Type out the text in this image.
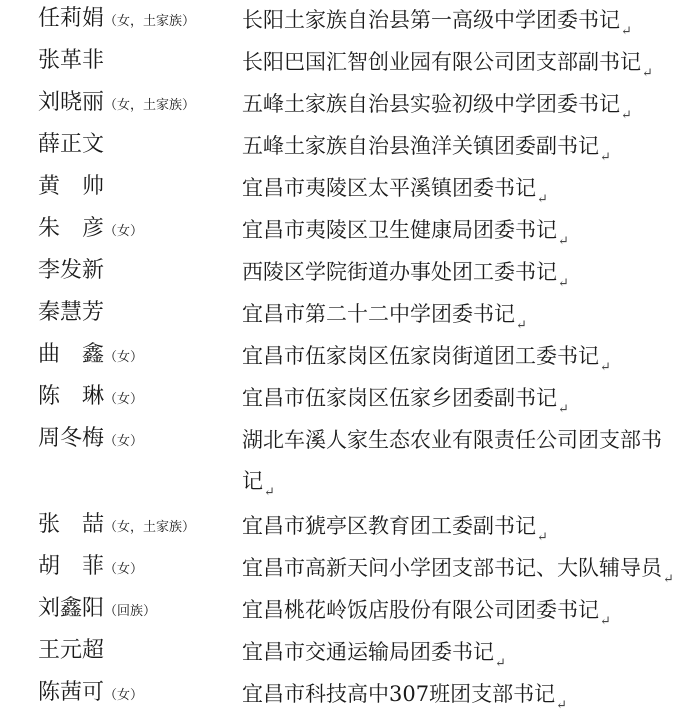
任莉娟（女，土家族） 长阳土家族自治县第一高级中学团委书记↵
张革非	长阳巴国汇智创业园有限公司团支部副书记↵
刘晓丽（女，土家族） 五峰土家族自治县实验初级中学团委书记↵
薛正文	五峰土家族自治县渔洋关镇团委副书记↵
黄　帅	宜昌市夷陵区太平溪镇团委书记↵
朱　彦（女）	宜昌市夷陵区卫生健康局团委书记↵
李发新	西陵区学院街道办事处团工委书记↵
秦慧芳	宜昌市第二十二中学团委书记↵
曲　鑫（女）	宜昌市伍家岗区伍家岗街道团工委书记↵
陈　琳（女）	宜昌市伍家岗区伍家乡团委副书记↵
周冬梅（女）	湖北车溪人家生态农业有限责任公司团支部书记↵
张　喆（女，土家族） 宜昌市猇亭区教育团工委副书记↵
胡　菲（女）	宜昌市高新天问小学团支部书记、大队辅导员↵
刘鑫阳（回族）	宜昌桃花岭饭店股份有限公司团委书记↵
王元超	宜昌市交通运输局团委书记↵
陈茜可（女）	宜昌市科技高中307班团支部书记↵
